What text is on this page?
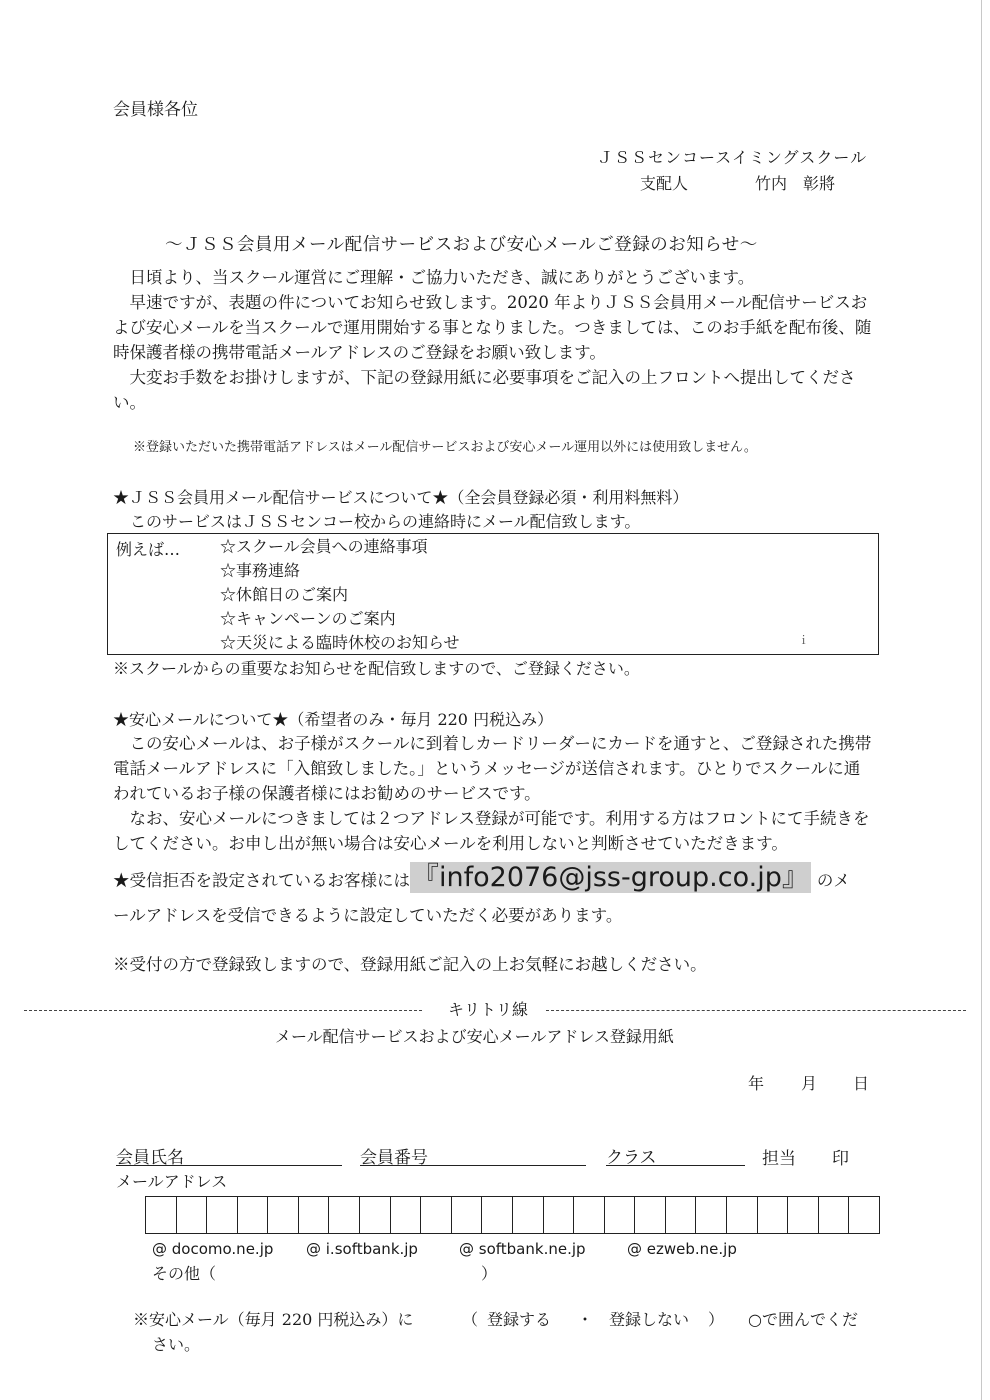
会員様各位
ＪＳＳセンコースイミングスクール
支配人	竹内　彰將
～ＪＳＳ会員用メール配信サービスおよび安心メールご登録のお知らせ～

日頃より、当スクール運営にご理解・ご協力いただき、誠にありがとうございます。

早速ですが、表題の件についてお知らせ致します。2020 年よりＪＳＳ会員用メール配信サービスおよび安心メールを当スクールで運用開始する事となりました。つきましては、このお手紙を配布後、随時保護者様の携帯電話メールアドレスのご登録をお願い致します。

大変お手数をお掛けしますが、下記の登録用紙に必要事項をご記入の上フロントへ提出してください。

※登録いただいた携帯電話アドレスはメール配信サービスおよび安心メール運用以外には使用致しません。
★ＪＳＳ会員用メール配信サービスについて★（全会員登録必須・利用料無料）
このサービスはＪＳＳセンコー校からの連絡時にメール配信致します。
例えば… ☆スクール会員への連絡事項
☆事務連絡
☆休館日のご案内
☆キャンペーンのご案内
☆天災による臨時休校のお知らせ	ｉ
※スクールからの重要なお知らせを配信致しますので、ご登録ください。
★安心メールについて★（希望者のみ・毎月 220 円税込み）

この安心メールは、お子様がスクールに到着しカードリーダーにカードを通すと、ご登録された携帯電話メールアドレスに「入館致しました。」というメッセージが送信されます。ひとりでスクールに通われているお子様の保護者様にはお勧めのサービスです。

なお、安心メールにつきましては２つアドレス登録が可能です。利用する方はフロントにて手続きをしてください。お申し出が無い場合は安心メールを利用しないと判断させていただきます。

★受信拒否を設定されているお客様には『info2076@jss-group.co.jp』 のメ
ールアドレスを受信できるように設定していただく必要があります。
※受付の方で登録致しますので、登録用紙ご記入の上お気軽にお越しください。
キリトリ線
メール配信サービスおよび安心メールアドレス登録用紙
年 月 日
会員氏名	会員番号	クラス	担当 印
メールアドレス
@ docomo.ne.jp @ i.softbank.jp	@ softbank.ne.jp	@ ezweb.ne.jp
その他（	）
※安心メール（毎月 220 円税込み）に	（ 登録する ・ 登録しない ） ○で囲んでくだ
さい。
